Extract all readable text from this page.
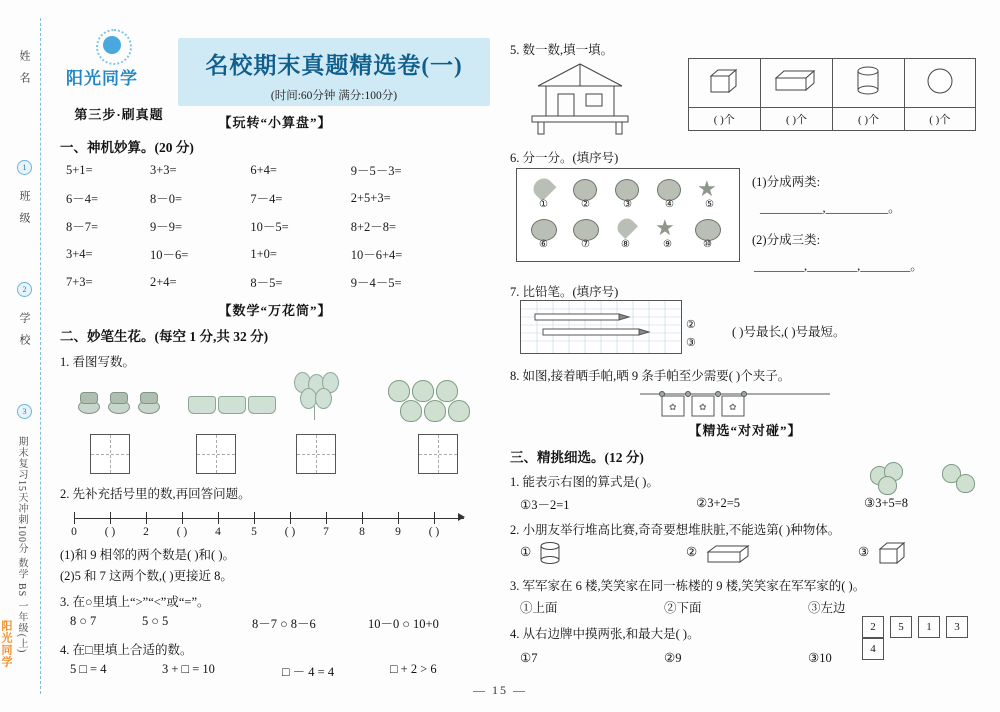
姓 名
1
班 级
2
学 校
3
期末复习15天冲刺100分 数学 BS 一年级(上)
阳光同学
阳光同学
第三步·刷真题
名校期末真题精选卷(一)
(时间:60分钟 满分:100分)
【玩转“小算盘”】
一、神机妙算。(20 分)
5+1=	3+3=	6+4=	9－5－3=
6－4=	8－0=	7－4=	2+5+3=
8－7=	9－9=	10－5=	8+2－8=
3+4=	10－6=	1+0=	10－6+4=
7+3=	2+4=	8－5=	9－4－5=
【数学“万花筒”】
二、妙笔生花。(每空 1 分,共 32 分)
1. 看图写数。
2. 先补充括号里的数,再回答问题。
0 ( ) 2 ( ) 4	5 ( ) 7	8	9 ( )
(1)和 9 相邻的两个数是( )和( )。
(2)5 和 7 这两个数,( )更接近 8。
3. 在○里填上“>”“<”或“=”。
8 ○ 7	5 ○ 5	8－7 ○ 8－6	10－0 ○ 10+0
4. 在□里填上合适的数。
5 □ = 4	3 + □ = 10	□ － 4 = 4	□ + 2 > 6
5. 数一数,填一填。

( )个	( )个	( )个	( )个
6. 分一分。(填序号)
★
①	②	③	④	⑤
★
⑥	⑦	⑧	⑨	⑩
(1)分成两类:
__________,__________。
(2)分成三类:
________,________,________。
7. 比铅笔。(填序号)
②
③
( )号最长,( )号最短。
8. 如图,接着晒手帕,晒 9 条手帕至少需要( )个夹子。
✿ ✿ ✿
【精选“对对碰”】
三、精挑细选。(12 分)
1. 能表示右图的算式是( )。
①3－2=1	②3+2=5	③3+5=8
2. 小朋友举行堆高比赛,奇奇要想堆肤脏,不能选第( )种物体。
①	②	③
3. 军军家在 6 楼,笑笑家在同一栋楼的 9 楼,笑笑家在军军家的( )。
①上面	②下面	③左边
4. 从右边牌中摸两张,和最大是( )。	2 5 1 3 4
①7	②9	③10
— 15 —
